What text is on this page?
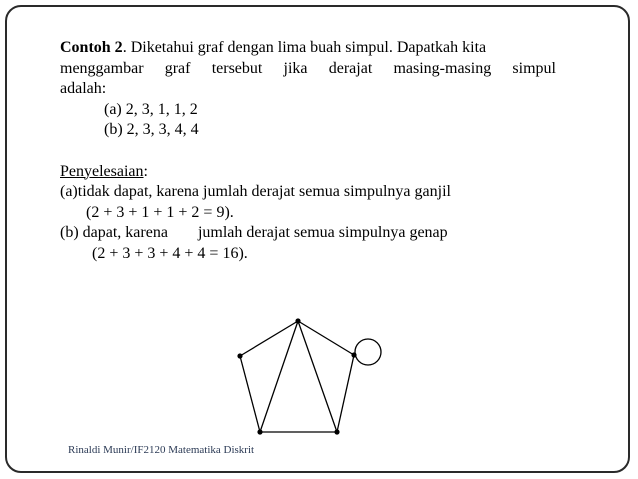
Contoh 2. Diketahui graf dengan lima buah simpul. Dapatkah kita
menggambar graf tersebut jika derajat masing-masing simpul
adalah:
(a) 2, 3, 1, 1, 2
(b) 2, 3, 3, 4, 4
Penyelesaian:
(a)tidak dapat, karena jumlah derajat semua simpulnya ganjil
(2 + 3 + 1 + 1 + 2 = 9).
(b) dapat, karena jumlah derajat semua simpulnya genap
(2 + 3 + 3 + 4 + 4 = 16).
Rinaldi Munir/IF2120 Matematika Diskrit
